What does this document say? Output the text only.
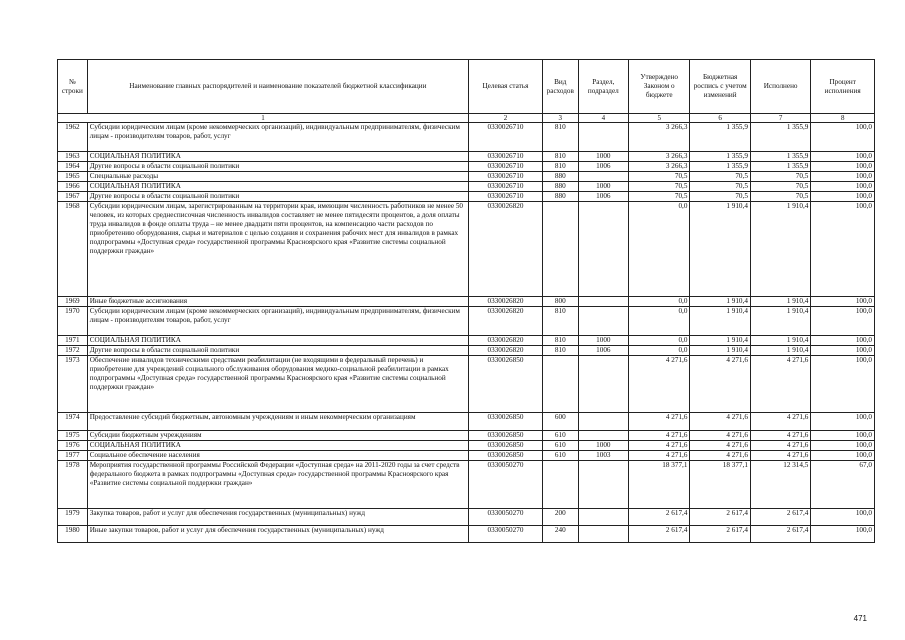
№ строки	Наименование главных распорядителей и наименование показателей бюджетной классификации	Целевая статья	Вид расходов	Раздел, подраздел	Утверждено Законом о бюджете	Бюджетная роспись с учетом изменений	Исполнено	Процент исполнения
1		2	3	4	5	6	7	8
1962	Субсидии юридическим лицам (кроме некоммерческих организаций), индивидуальным предпринимателям, физическим лицам - производителям товаров, работ, услуг	0330026710	810		3 266,3	1 355,9	1 355,9	100,0
1963	СОЦИАЛЬНАЯ ПОЛИТИКА	0330026710	810	1000	3 266,3	1 355,9	1 355,9	100,0
1964	Другие вопросы в области социальной политики	0330026710	810	1006	3 266,3	1 355,9	1 355,9	100,0
1965	Специальные расходы	0330026710	880		70,5	70,5	70,5	100,0
1966	СОЦИАЛЬНАЯ ПОЛИТИКА	0330026710	880	1000	70,5	70,5	70,5	100,0
1967	Другие вопросы в области социальной политики	0330026710	880	1006	70,5	70,5	70,5	100,0
1968	Субсидии юридическим лицам, зарегистрированным на территории края, имеющим численность работников не менее 50 человек, из которых среднесписочная численность инвалидов составляет не менее пятидесяти процентов, а доля оплаты труда инвалидов в фонде оплаты труда – не менее двадцати пяти процентов, на компенсацию части расходов по приобретению оборудования, сырья и материалов с целью создания и сохранения рабочих мест для инвалидов в рамках подпрограммы «Доступная среда» государственной программы Красноярского края «Развитие системы социальной поддержки граждан»	0330026820			0,0	1 910,4	1 910,4	100,0
1969	Иные бюджетные ассигнования	0330026820	800		0,0	1 910,4	1 910,4	100,0
1970	Субсидии юридическим лицам (кроме некоммерческих организаций), индивидуальным предпринимателям, физическим лицам - производителям товаров, работ, услуг	0330026820	810		0,0	1 910,4	1 910,4	100,0
1971	СОЦИАЛЬНАЯ ПОЛИТИКА	0330026820	810	1000	0,0	1 910,4	1 910,4	100,0
1972	Другие вопросы в области социальной политики	0330026820	810	1006	0,0	1 910,4	1 910,4	100,0
1973	Обеспечение инвалидов техническими средствами реабилитации (не входящими в федеральный перечень) и приобретение для учреждений социального обслуживания оборудования медико-социальной реабилитации в рамках подпрограммы «Доступная среда» государственной программы Красноярского края «Развитие системы социальной поддержки граждан»	0330026850			4 271,6	4 271,6	4 271,6	100,0
1974	Предоставление субсидий бюджетным, автономным учреждениям и иным некоммерческим организациям	0330026850	600		4 271,6	4 271,6	4 271,6	100,0
1975	Субсидии бюджетным учреждениям	0330026850	610		4 271,6	4 271,6	4 271,6	100,0
1976	СОЦИАЛЬНАЯ ПОЛИТИКА	0330026850	610	1000	4 271,6	4 271,6	4 271,6	100,0
1977	Социальное обеспечение населения	0330026850	610	1003	4 271,6	4 271,6	4 271,6	100,0
1978	Мероприятия государственной программы Российской Федерации «Доступная среда» на 2011-2020 годы за счет средств федерального бюджета в рамках подпрограммы «Доступная среда» государственной программы Красноярского края «Развитие системы социальной поддержки граждан»	0330050270			18 377,1	18 377,1	12 314,5	67,0
1979	Закупка товаров, работ и услуг для обеспечения государственных (муниципальных) нужд	0330050270	200		2 617,4	2 617,4	2 617,4	100,0
1980	Иные закупки товаров, работ и услуг для обеспечения государственных (муниципальных) нужд	0330050270	240		2 617,4	2 617,4	2 617,4	100,0
471
